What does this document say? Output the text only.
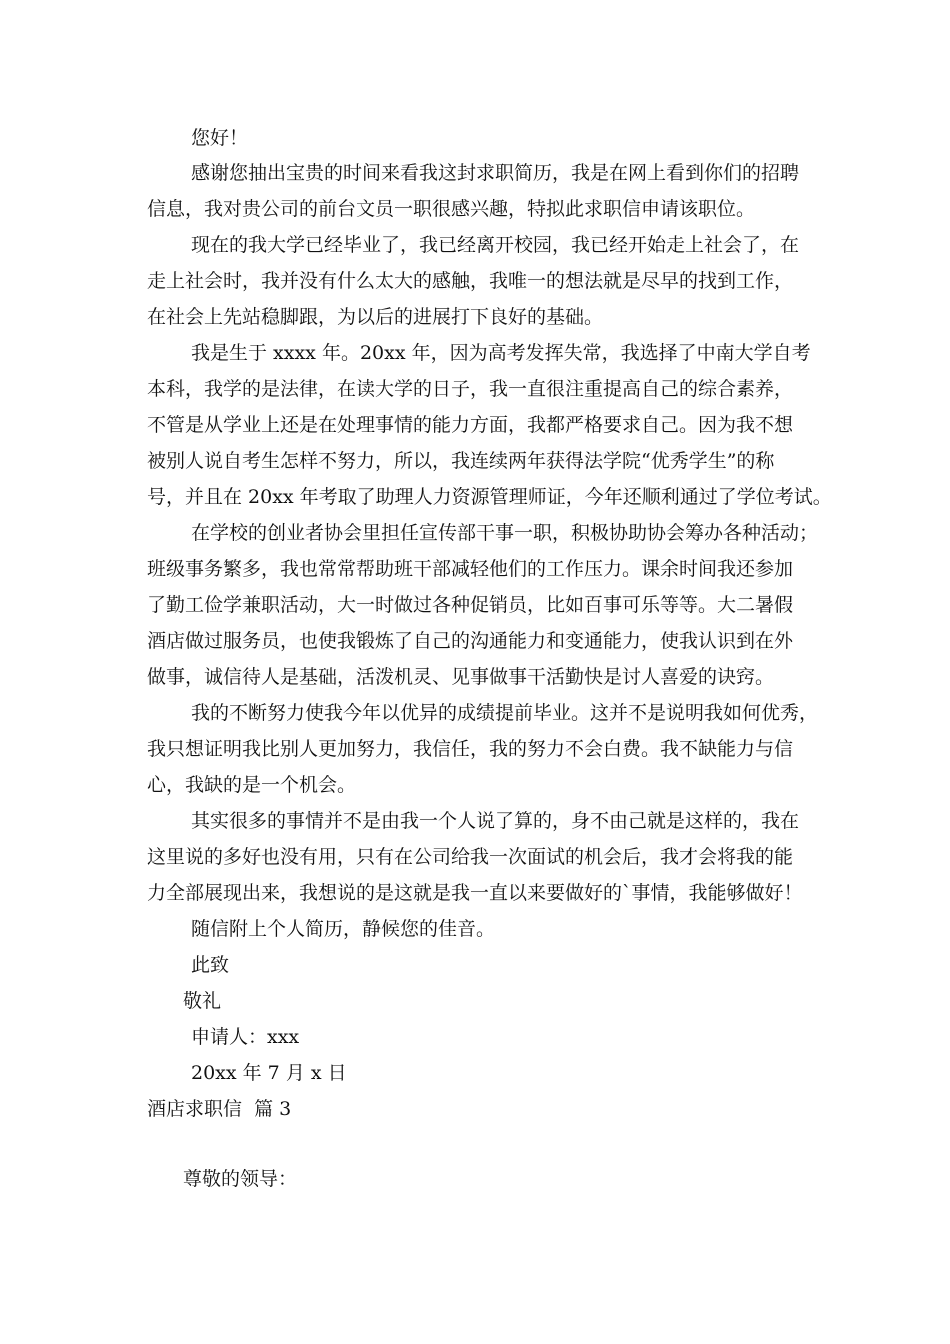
您好！
感谢您抽出宝贵的时间来看我这封求职简历，我是在网上看到你们的招聘
信息，我对贵公司的前台文员一职很感兴趣，特拟此求职信申请该职位。
现在的我大学已经毕业了，我已经离开校园，我已经开始走上社会了，在
走上社会时，我并没有什么太大的感触，我唯一的想法就是尽早的找到工作，
在社会上先站稳脚跟，为以后的进展打下良好的基础。
我是生于 xxxx 年。20xx 年，因为高考发挥失常，我选择了中南大学自考
本科，我学的是法律，在读大学的日子，我一直很注重提高自己的综合素养，
不管是从学业上还是在处理事情的能力方面，我都严格要求自己。因为我不想
被别人说自考生怎样不努力，所以，我连续两年获得法学院“优秀学生”的称
号，并且在 20xx 年考取了助理人力资源管理师证，今年还顺利通过了学位考试。
在学校的创业者协会里担任宣传部干事一职，积极协助协会筹办各种活动；
班级事务繁多，我也常常帮助班干部减轻他们的工作压力。课余时间我还参加
了勤工俭学兼职活动，大一时做过各种促销员，比如百事可乐等等。大二暑假
酒店做过服务员，也使我锻炼了自己的沟通能力和变通能力，使我认识到在外
做事，诚信待人是基础，活泼机灵、见事做事干活勤快是讨人喜爱的诀窍。
我的不断努力使我今年以优异的成绩提前毕业。这并不是说明我如何优秀，
我只想证明我比别人更加努力，我信任，我的努力不会白费。我不缺能力与信
心，我缺的是一个机会。
其实很多的事情并不是由我一个人说了算的，身不由己就是这样的，我在
这里说的多好也没有用，只有在公司给我一次面试的机会后，我才会将我的能
力全部展现出来，我想说的是这就是我一直以来要做好的`事情，我能够做好！
随信附上个人简历，静候您的佳音。
此致
敬礼
申请人：xxx
20xx 年 7 月 x 日
酒店求职信  篇 3
尊敬的领导：
